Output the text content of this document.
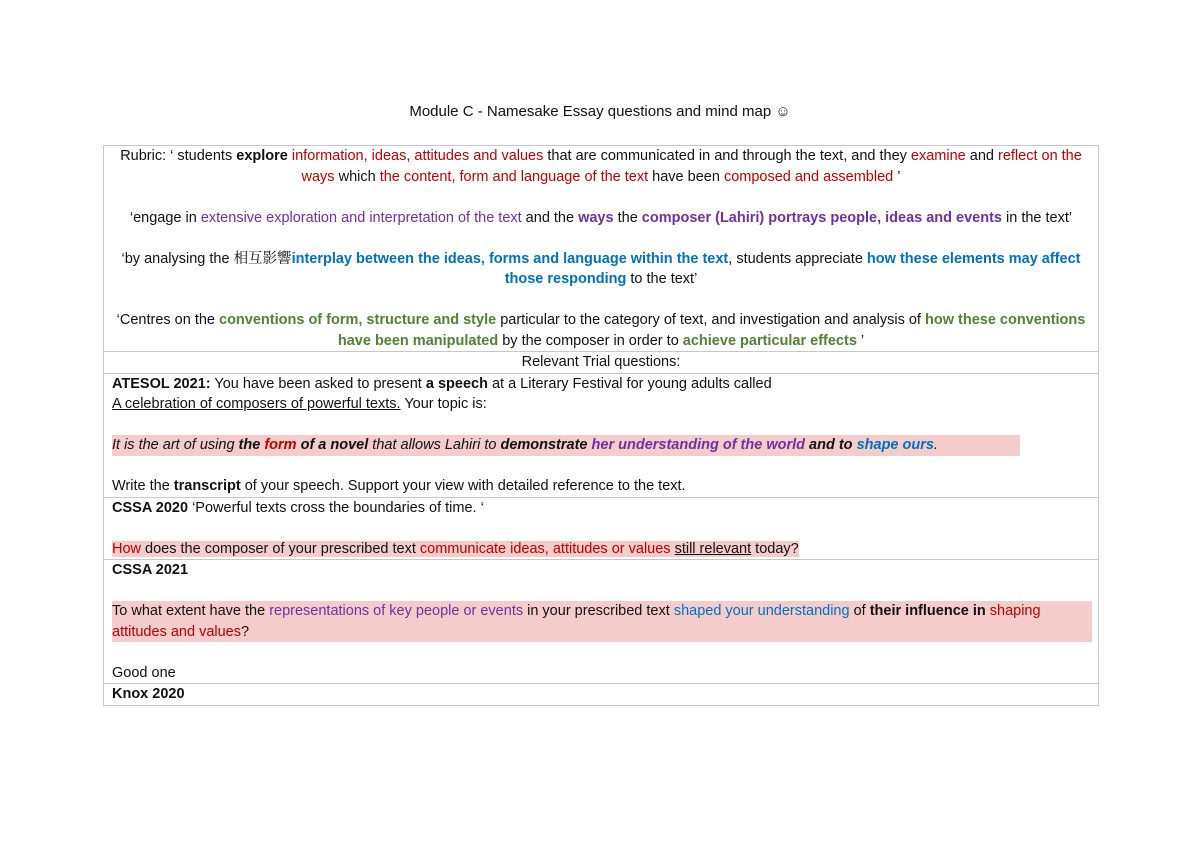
Module C - Namesake Essay questions and mind map ☺
Rubric: ‘ students explore information, ideas, attitudes and values that are communicated in and through the text, and they examine and reflect on the ways which the content, form and language of the text have been composed and assembled ’
‘engage in extensive exploration and interpretation of the text and the ways the composer (Lahiri) portrays people, ideas and events in the text’
‘by analysing the 相互影響interplay between the ideas, forms and language within the text, students appreciate how these elements may affect those responding to the text’
‘Centres on the conventions of form, structure and style particular to the category of text, and investigation and analysis of how these conventions have been manipulated by the composer in order to achieve particular effects ’
Relevant Trial questions:
ATESOL 2021: You have been asked to present a speech at a Literary Festival for young adults called
A celebration of composers of powerful texts. Your topic is:
It is the art of using the form of a novel that allows Lahiri to demonstrate her understanding of the world and to shape ours.
Write the transcript of your speech. Support your view with detailed reference to the text.
CSSA 2020 ‘Powerful texts cross the boundaries of time. ‘
How does the composer of your prescribed text communicate ideas, attitudes or values still relevant today?
CSSA 2021
To what extent have the representations of key people or events in your prescribed text shaped your understanding of their influence in shaping attitudes and values?
Good one
Knox 2020
